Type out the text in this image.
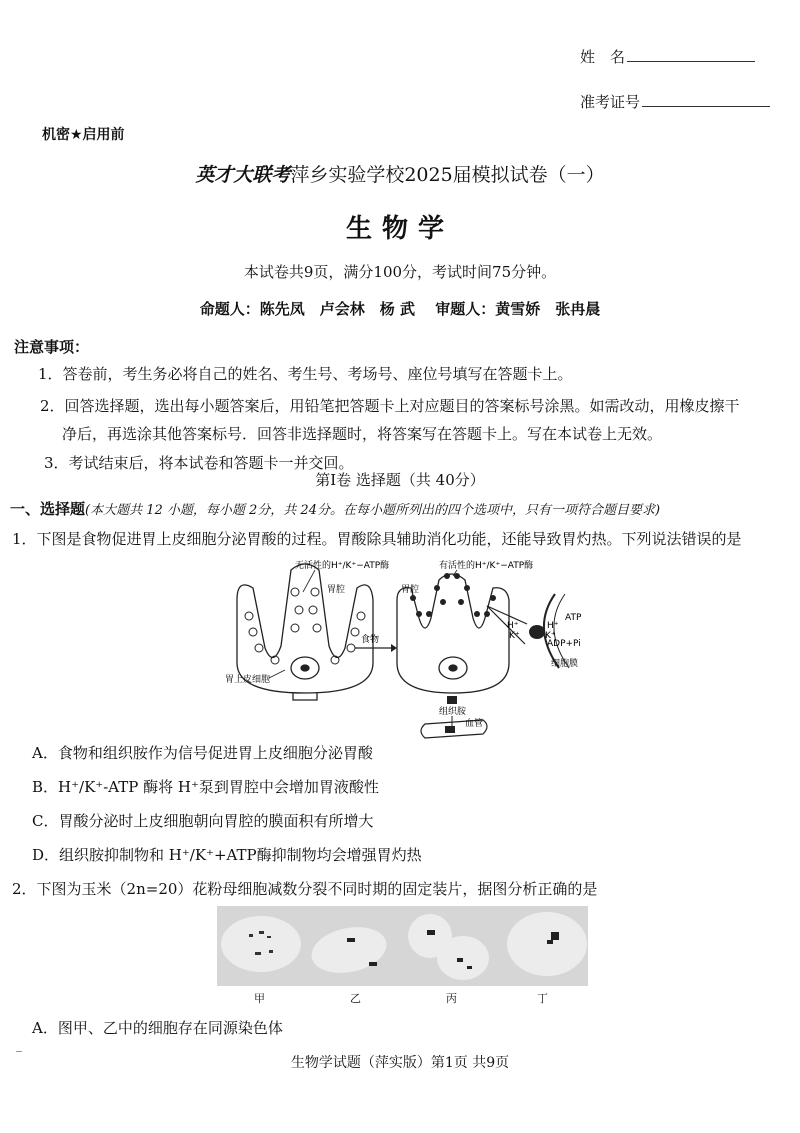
姓　名
准考证号
机密★启用前
英才大联考萍乡实验学校2025届模拟试卷（一）
生物学
本试卷共9页，满分100分，考试时间75分钟。
命题人：陈先凤　卢会林　杨 武　 审题人：黄雪娇　张冉晨
注意事项：
1．答卷前，考生务必将自己的姓名、考生号、考场号、座位号填写在答题卡上。
2．回答选择题，选出每小题答案后，用铅笔把答题卡上对应题目的答案标号涂黑。如需改动，用橡皮擦干
净后，再选涂其他答案标号．回答非选择题时，将答案写在答题卡上。写在本试卷上无效。
3．考试结束后，将本试卷和答题卡一并交回。
第Ⅰ卷 选择题（共 40分）
一、选择题(本大题共 12 小题，每小题 2分，共 24分。在每小题所列出的四个选项中，只有一项符合题目要求)
1．下图是食物促进胃上皮细胞分泌胃酸的过程。胃酸除具辅助消化功能，还能导致胃灼热。下列说法错误的是
无活性的H⁺/K⁺−ATP酶
胃腔
胃上皮细胞
食物
有活性的H⁺/K⁺−ATP酶
胃腔
组织胺
血管
H⁺
K⁺
H⁺
K⁺
ATP
ADP+Pi
细胞膜
A．食物和组织胺作为信号促进胃上皮细胞分泌胃酸
B．H⁺/K⁺-ATP 酶将 H⁺泵到胃腔中会增加胃液酸性
C．胃酸分泌时上皮细胞朝向胃腔的膜面积有所增大
D．组织胺抑制物和 H⁺/K⁺+ATP酶抑制物均会增强胃灼热
2．下图为玉米（2n=20）花粉母细胞减数分裂不同时期的固定装片，据图分析正确的是
甲	乙	丙	丁
A．图甲、乙中的细胞存在同源染色体
生物学试题（萍实版）第1页 共9页
